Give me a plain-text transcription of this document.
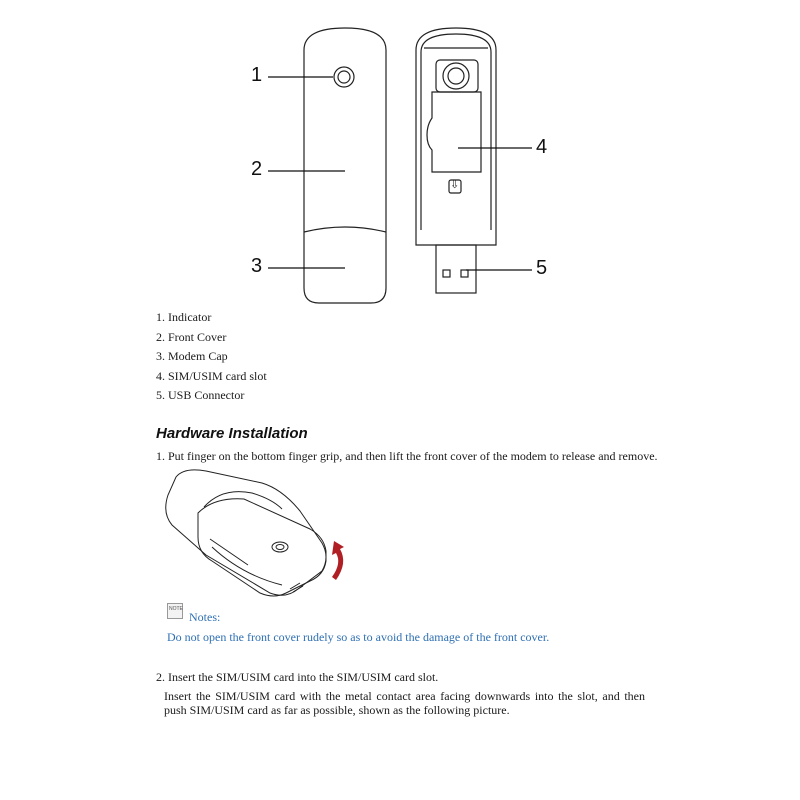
1
2
3
4
5
⇩
1. Indicator
2. Front Cover
3. Modem Cap
4. SIM/USIM card slot
5. USB Connector
Hardware Installation
1. Put finger on the bottom finger grip, and then lift the front cover of the modem to release and remove.
NOTE
Notes:
Do not open the front cover rudely so as to avoid the damage of the front cover.
2. Insert the SIM/USIM card into the SIM/USIM card slot.

Insert the SIM/USIM card with the metal contact area facing downwards into the slot, and then push SIM/USIM card as far as possible, shown as the following picture.
